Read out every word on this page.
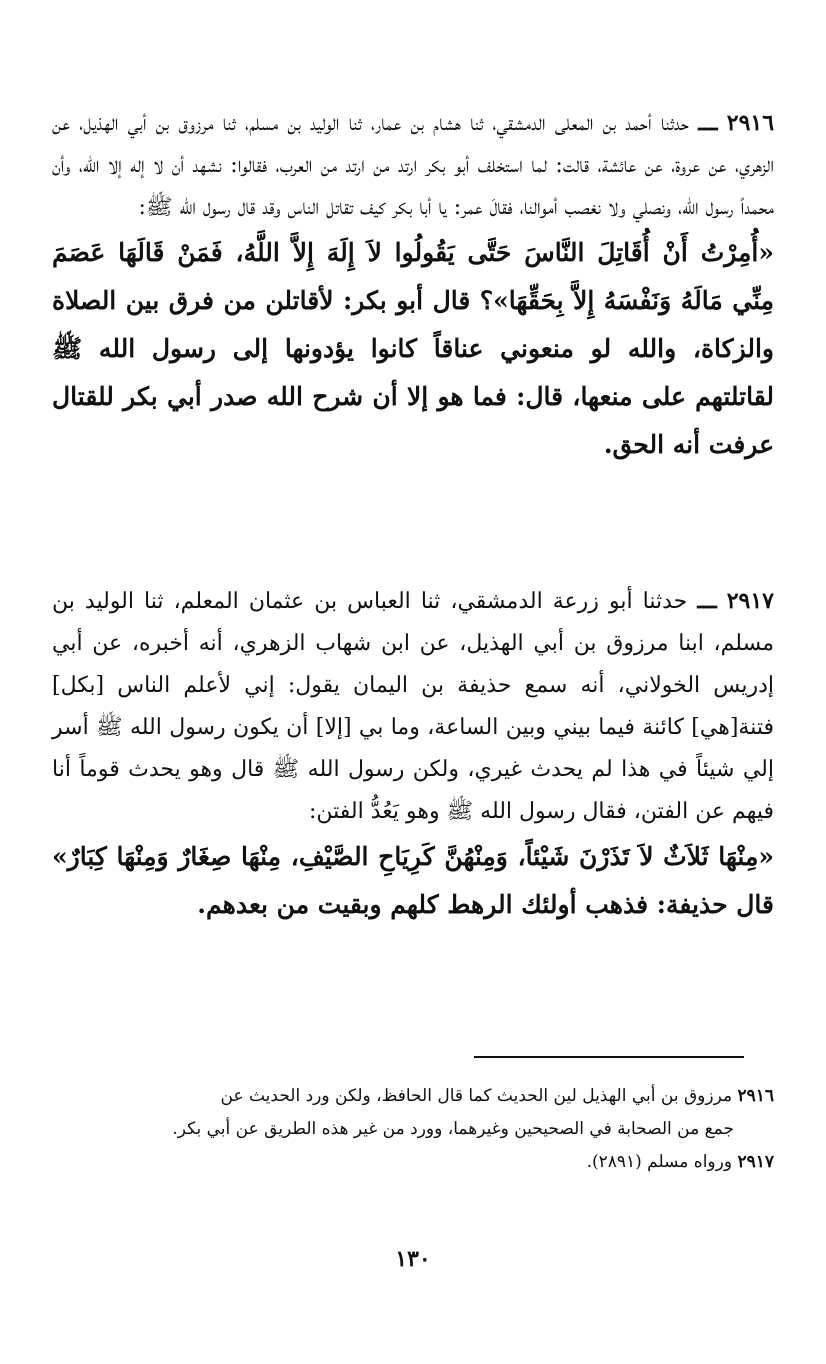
٢٩١٦ ـــ حدثنا أحمد بن المعلى الدمشقي، ثنا هشام بن عمار، ثنا الوليد بن مسلم، ثنا مرزوق بن أبي الهذيل، عن الزهري، عن عروة، عن عائشة، قالت: لما استخلف أبو بكر ارتد من ارتد من العرب، فقالوا: نشهد أن لا إله إلا الله، وأن محمداً رسول الله، ونصلي ولا نغصب أموالنا، فقالَ عمر: يا أبا بكر كيف تقاتل الناس وقد قال رسول الله ﷺ:

«أُمِرْتُ أَنْ أُقَاتِلَ النَّاسَ حَتَّى يَقُولُوا لاَ إِلَهَ إِلاَّ اللَّهُ، فَمَنْ قَالَهَا عَصَمَ مِنِّي مَالَهُ وَنَفْسَهُ إِلاَّ بِحَقِّهَا»؟ قال أبو بكر: لأقاتلن من فرق بين الصلاة والزكاة، والله لو منعوني عناقاً كانوا يؤدونها إلى رسول الله ﷺ لقاتلتهم على منعها، قال: فما هو إلا أن شرح الله صدر أبي بكر للقتال عرفت أنه الحق.

٢٩١٧ ـــ حدثنا أبو زرعة الدمشقي، ثنا العباس بن عثمان المعلم، ثنا الوليد بن مسلم، ابنا مرزوق بن أبي الهذيل، عن ابن شهاب الزهري، أنه أخبره، عن أبي إدريس الخولاني، أنه سمع حذيفة بن اليمان يقول: إني لأعلم الناس [بكل] فتنة[هي] كائنة فيما بيني وبين الساعة، وما بي [إلا] أن يكون رسول الله ﷺ أسر إلي شيئاً في هذا لم يحدث غيري، ولكن رسول الله ﷺ قال وهو يحدث قوماً أنا فيهم عن الفتن، فقال رسول الله ﷺ وهو يَعُدُّ الفتن:

«مِنْهَا ثَلاَثٌ لاَ تَذَرْنَ شَيْئاً، وَمِنْهُنَّ كَرِيَاحِ الصَّيْفِ، مِنْهَا صِغَارٌ وَمِنْهَا كِبَارٌ» قال حذيفة: فذهب أولئك الرهط كلهم وبقيت من بعدهم.

٢٩١٦ مرزوق بن أبي الهذيل لين الحديث كما قال الحافظ، ولكن ورد الحديث عن
جمع من الصحابة في الصحيحين وغيرهما، وورد من غير هذه الطريق عن أبي بكر.

٢٩١٧ ورواه مسلم (٢٨٩١).

١٣٠
